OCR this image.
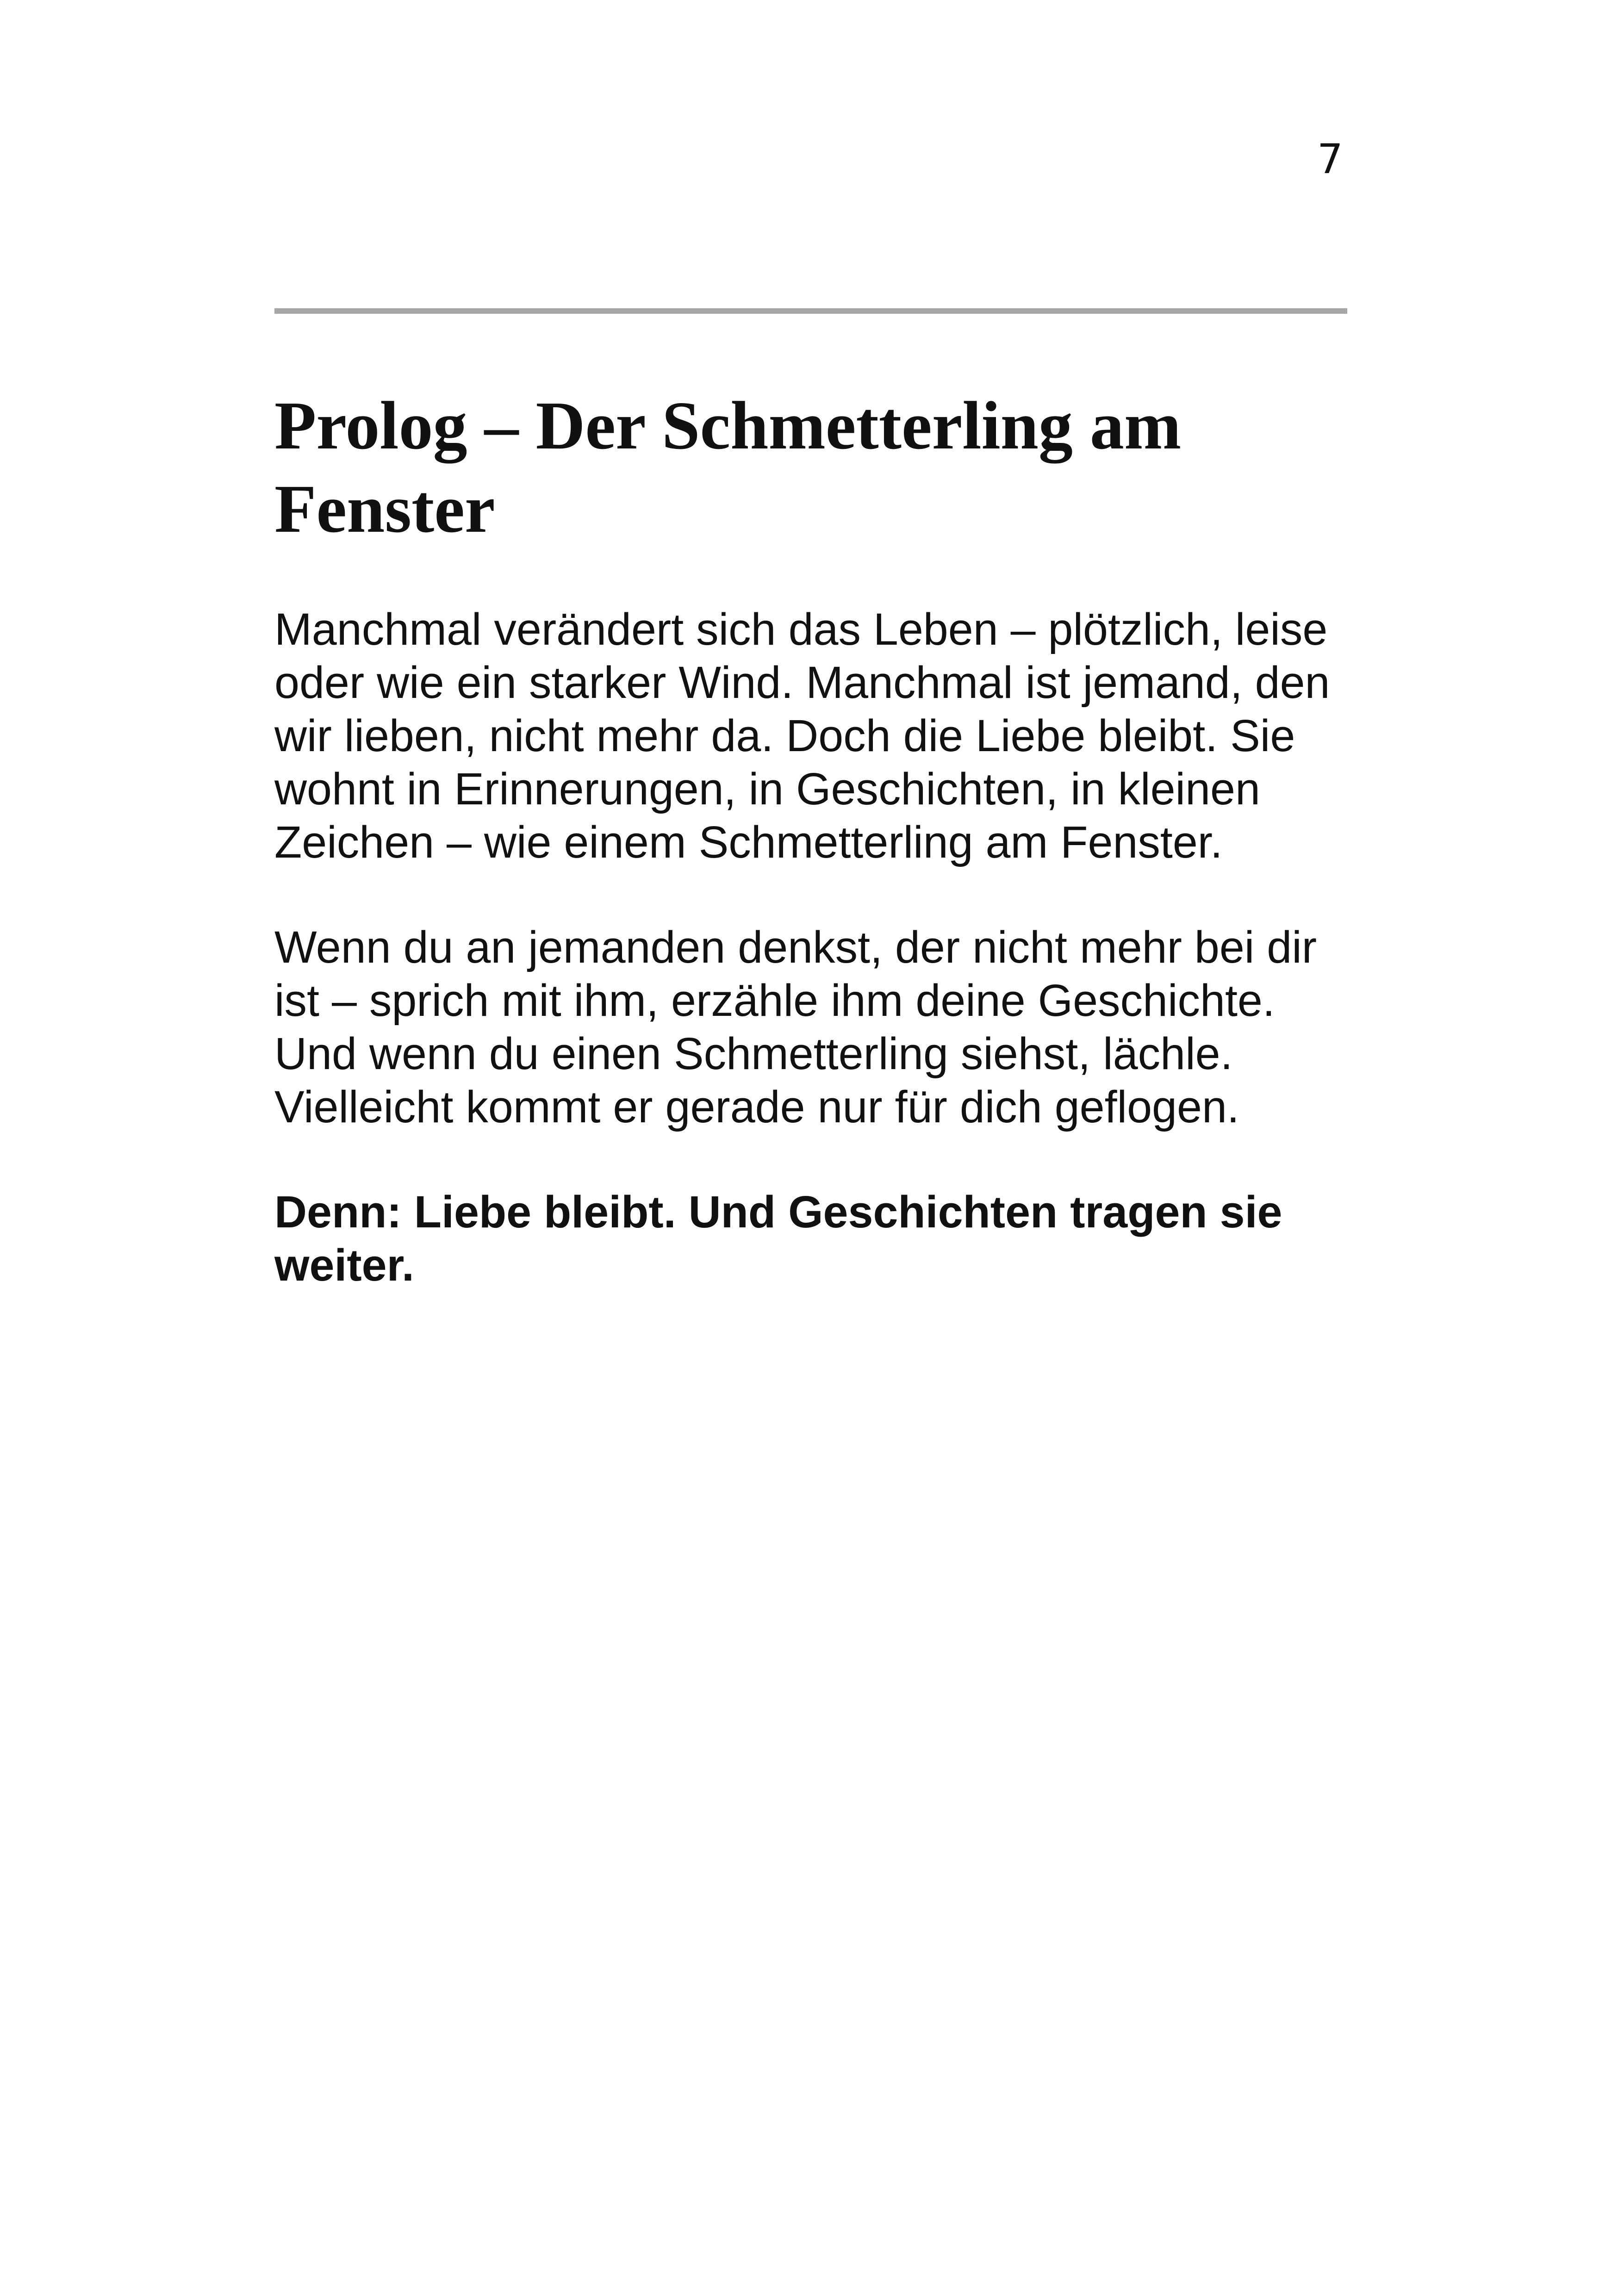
7
Prolog – Der Schmetterling am Fenster

Manchmal verändert sich das Leben – plötzlich, leise oder wie ein starker Wind. Manchmal ist jemand, den wir lieben, nicht mehr da. Doch die Liebe bleibt. Sie wohnt in Erinnerungen, in Geschichten, in kleinen Zeichen – wie einem Schmetterling am Fenster.

Wenn du an jemanden denkst, der nicht mehr bei dir ist – sprich mit ihm, erzähle ihm deine Geschichte. Und wenn du einen Schmetterling siehst, lächle. Vielleicht kommt er gerade nur für dich geflogen.

Denn: Liebe bleibt. Und Geschichten tragen sie weiter.
